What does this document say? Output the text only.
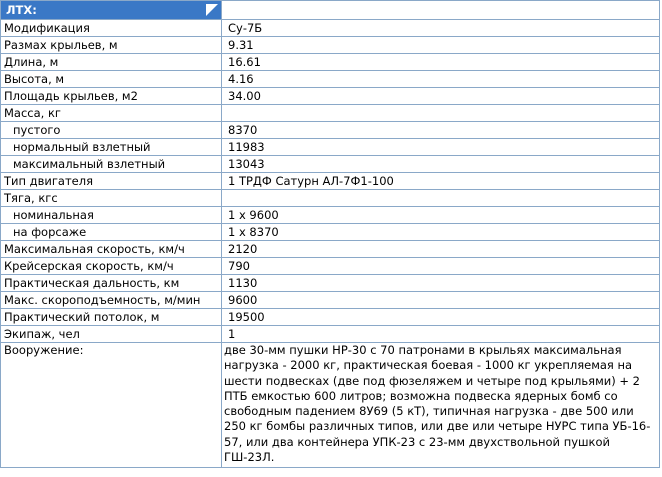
ЛТХ:

Модификация	Су-7Б
Размах крыльев, м	9.31
Длина, м	16.61
Высота, м	4.16
Площадь крыльев, м2	34.00
Масса, кг	
пустого	8370
нормальный взлетный	11983
максимальный взлетный	13043
Тип двигателя	1 ТРДФ Сатурн АЛ-7Ф1-100
Тяга, кгс	
номинальная	1 х 9600
на форсаже	1 х 8370
Максимальная скорость, км/ч	2120
Крейсерская скорость, км/ч	790
Практическая дальность, км	1130
Макс. скороподъемность, м/мин	9600
Практический потолок, м	19500
Экипаж, чел	1
Вооружение:	две 30-мм пушки НР-30 с 70 патронами в крыльях максимальная нагрузка - 2000 кг, практическая боевая - 1000 кг укрепляемая на шести подвесках (две под фюзеляжем и четыре под крыльями) + 2 ПТБ емкостью 600 литров; возможна подвеска ядерных бомб со свободным падением 8У69 (5 кТ), типичная нагрузка - две 500 или 250 кг бомбы различных типов, или две или четыре НУРС типа УБ-16-57, или два контейнера УПК-23 с 23-мм двухствольной пушкой ГШ-23Л.
